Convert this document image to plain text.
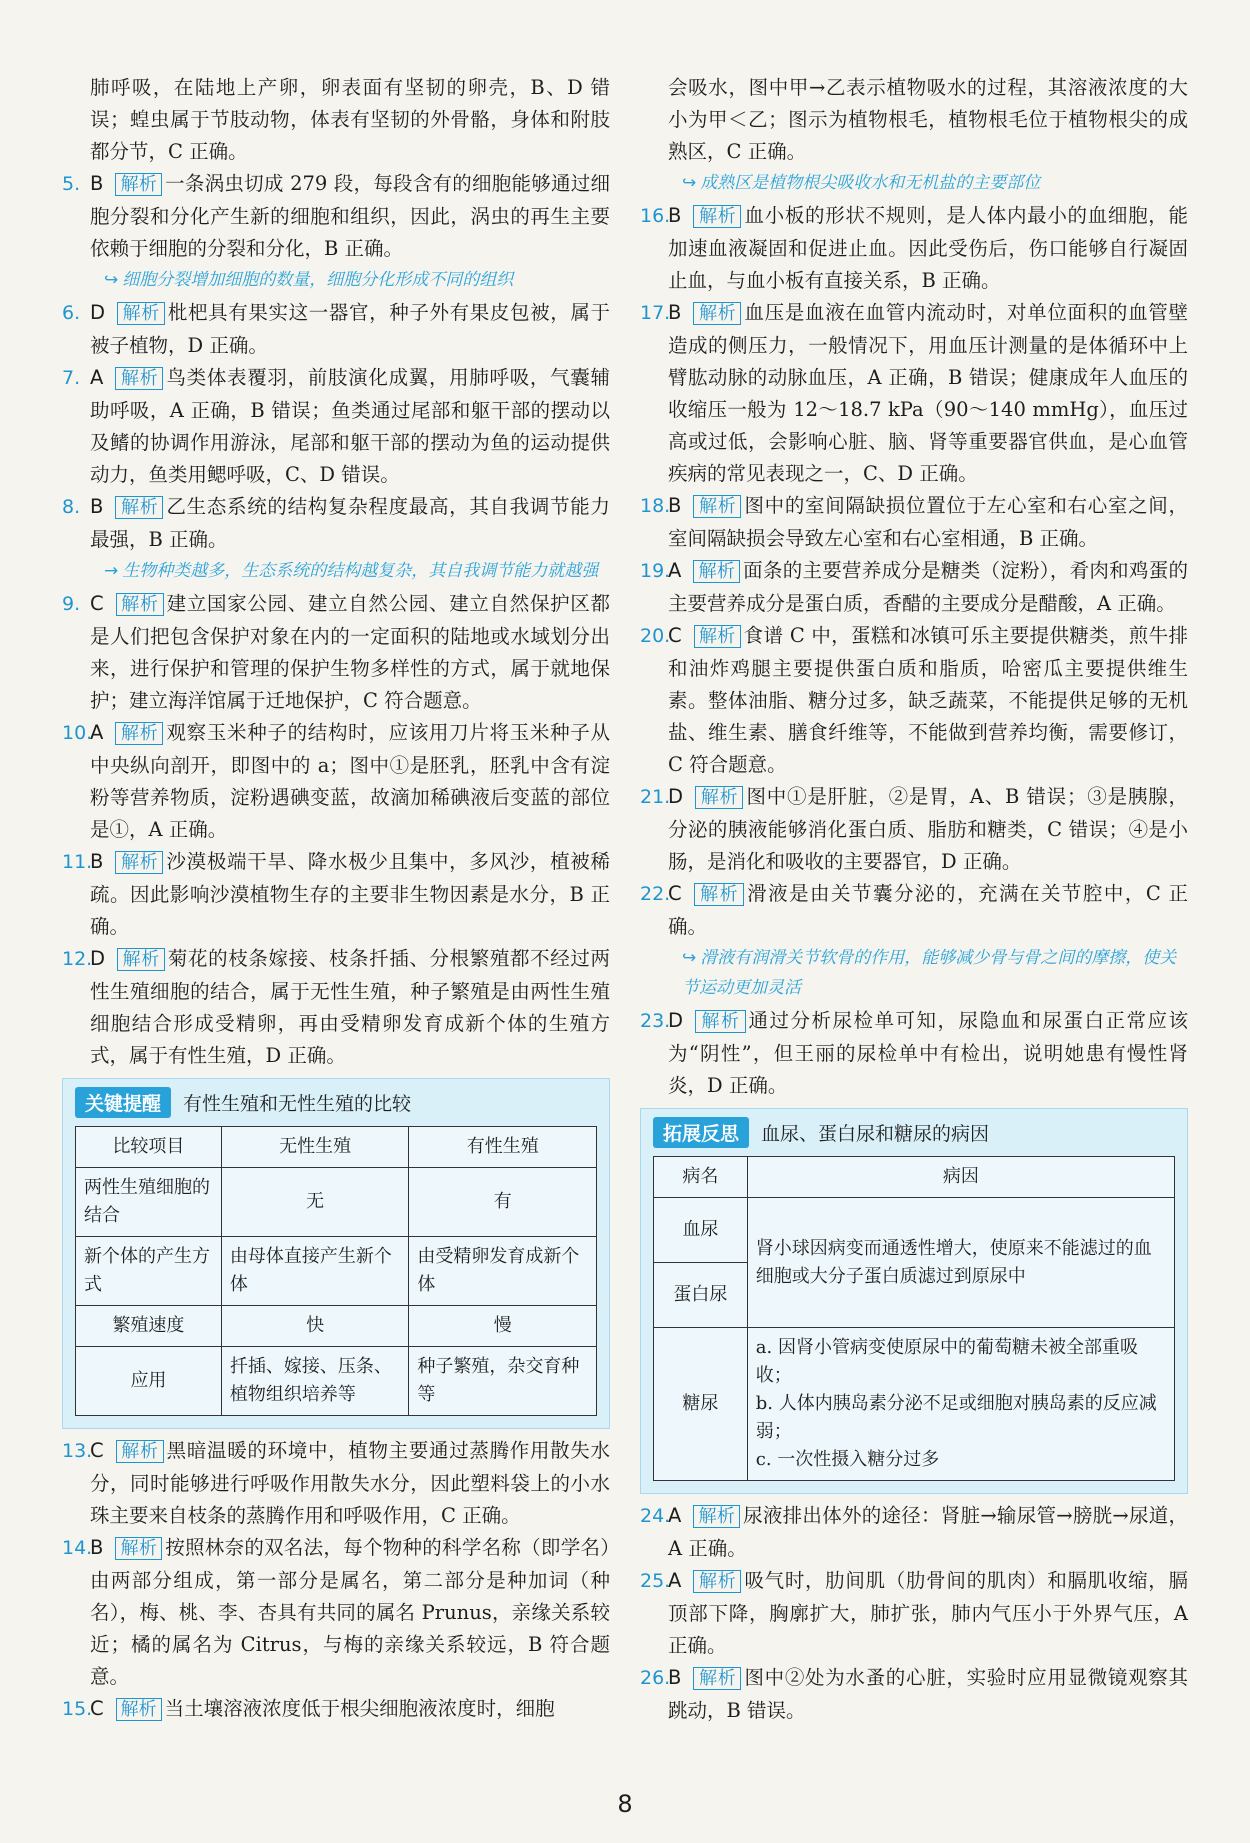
肺呼吸，在陆地上产卵，卵表面有坚韧的卵壳，B、D 错误；蝗虫属于节肢动物，体表有坚韧的外骨骼，身体和附肢都分节，C 正确。

5. B 解析 一条涡虫切成 279 段，每段含有的细胞能够通过细胞分裂和分化产生新的细胞和组织，因此，涡虫的再生主要依赖于细胞的分裂和分化，B 正确。

↪ 细胞分裂增加细胞的数量，细胞分化形成不同的组织

6. D 解析 枇杷具有果实这一器官，种子外有果皮包被，属于被子植物，D 正确。
7. A 解析 鸟类体表覆羽，前肢演化成翼，用肺呼吸，气囊辅助呼吸，A 正确，B 错误；鱼类通过尾部和躯干部的摆动以及鳍的协调作用游泳，尾部和躯干部的摆动为鱼的运动提供动力，鱼类用鳃呼吸，C、D 错误。
8. B 解析 乙生态系统的结构复杂程度最高，其自我调节能力最强，B 正确。

→ 生物种类越多，生态系统的结构越复杂，其自我调节能力就越强

9. C 解析 建立国家公园、建立自然公园、建立自然保护区都是人们把包含保护对象在内的一定面积的陆地或水域划分出来，进行保护和管理的保护生物多样性的方式，属于就地保护；建立海洋馆属于迁地保护，C 符合题意。
10.
A 解析 观察玉米种子的结构时，应该用刀片将玉米种子从中央纵向剖开，即图中的 a；图中①是胚乳，胚乳中含有淀粉等营养物质，淀粉遇碘变蓝，故滴加稀碘液后变蓝的部位是①，A 正确。
11.
B 解析 沙漠极端干旱、降水极少且集中，多风沙，植被稀疏。因此影响沙漠植物生存的主要非生物因素是水分，B 正确。
12.
D 解析 菊花的枝条嫁接、枝条扦插、分根繁殖都不经过两性生殖细胞的结合，属于无性生殖，种子繁殖是由两性生殖细胞结合形成受精卵，再由受精卵发育成新个体的生殖方式，属于有性生殖，D 正确。
关键提醒	有性生殖和无性生殖的比较
比较项目	无性生殖	有性生殖
两性生殖细胞的结合	无	有
新个体的产生方式	由母体直接产生新个体	由受精卵发育成新个体
繁殖速度	快	慢
应用	扦插、嫁接、压条、植物组织培养等	种子繁殖，杂交育种等
13.
C 解析 黑暗温暖的环境中，植物主要通过蒸腾作用散失水分，同时能够进行呼吸作用散失水分，因此塑料袋上的小水珠主要来自枝条的蒸腾作用和呼吸作用，C 正确。
14.
B 解析 按照林奈的双名法，每个物种的科学名称（即学名）由两部分组成，第一部分是属名，第二部分是种加词（种名），梅、桃、李、杏具有共同的属名 Prunus，亲缘关系较近；橘的属名为 Citrus，与梅的亲缘关系较远，B 符合题意。
15.
C 解析 当土壤溶液浓度低于根尖细胞液浓度时，细胞

会吸水，图中甲→乙表示植物吸水的过程，其溶液浓度的大小为甲＜乙；图示为植物根毛，植物根毛位于植物根尖的成熟区，C 正确。

↪ 成熟区是植物根尖吸收水和无机盐的主要部位

16.
B 解析 血小板的形状不规则，是人体内最小的血细胞，能加速血液凝固和促进止血。因此受伤后，伤口能够自行凝固止血，与血小板有直接关系，B 正确。
17.
B 解析 血压是血液在血管内流动时，对单位面积的血管壁造成的侧压力，一般情况下，用血压计测量的是体循环中上臂肱动脉的动脉血压，A 正确，B 错误；健康成年人血压的收缩压一般为 12～18.7 kPa（90～140 mmHg），血压过高或过低，会影响心脏、脑、肾等重要器官供血，是心血管疾病的常见表现之一，C、D 正确。
18.
B 解析 图中的室间隔缺损位置位于左心室和右心室之间，室间隔缺损会导致左心室和右心室相通，B 正确。
19.
A 解析 面条的主要营养成分是糖类（淀粉），肴肉和鸡蛋的主要营养成分是蛋白质，香醋的主要成分是醋酸，A 正确。
20.
C 解析 食谱 C 中，蛋糕和冰镇可乐主要提供糖类，煎牛排和油炸鸡腿主要提供蛋白质和脂质，哈密瓜主要提供维生素。整体油脂、糖分过多，缺乏蔬菜，不能提供足够的无机盐、维生素、膳食纤维等，不能做到营养均衡，需要修订，C 符合题意。
21.
D 解析 图中①是肝脏，②是胃，A、B 错误；③是胰腺，分泌的胰液能够消化蛋白质、脂肪和糖类，C 错误；④是小肠，是消化和吸收的主要器官，D 正确。
22.
C 解析 滑液是由关节囊分泌的，充满在关节腔中，C 正确。

↪ 滑液有润滑关节软骨的作用，能够减少骨与骨之间的摩擦，使关节运动更加灵活

23.
D 解析 通过分析尿检单可知，尿隐血和尿蛋白正常应该为“阴性”，但王丽的尿检单中有检出，说明她患有慢性肾炎，D 正确。
拓展反思	血尿、蛋白尿和糖尿的病因
病名	病因
血尿	肾小球因病变而通透性增大，使原来不能滤过的血细胞或大分子蛋白质滤过到原尿中
蛋白尿	
糖尿	a. 因肾小管病变使原尿中的葡萄糖未被全部重吸收；
b. 人体内胰岛素分泌不足或细胞对胰岛素的反应减弱；
c. 一次性摄入糖分过多
24.
A 解析 尿液排出体外的途径：肾脏→输尿管→膀胱→尿道，A 正确。
25.
A 解析 吸气时，肋间肌（肋骨间的肌肉）和膈肌收缩，膈顶部下降，胸廓扩大，肺扩张，肺内气压小于外界气压，A 正确。
26.
B 解析 图中②处为水蚤的心脏，实验时应用显微镜观察其跳动，B 错误。
8
